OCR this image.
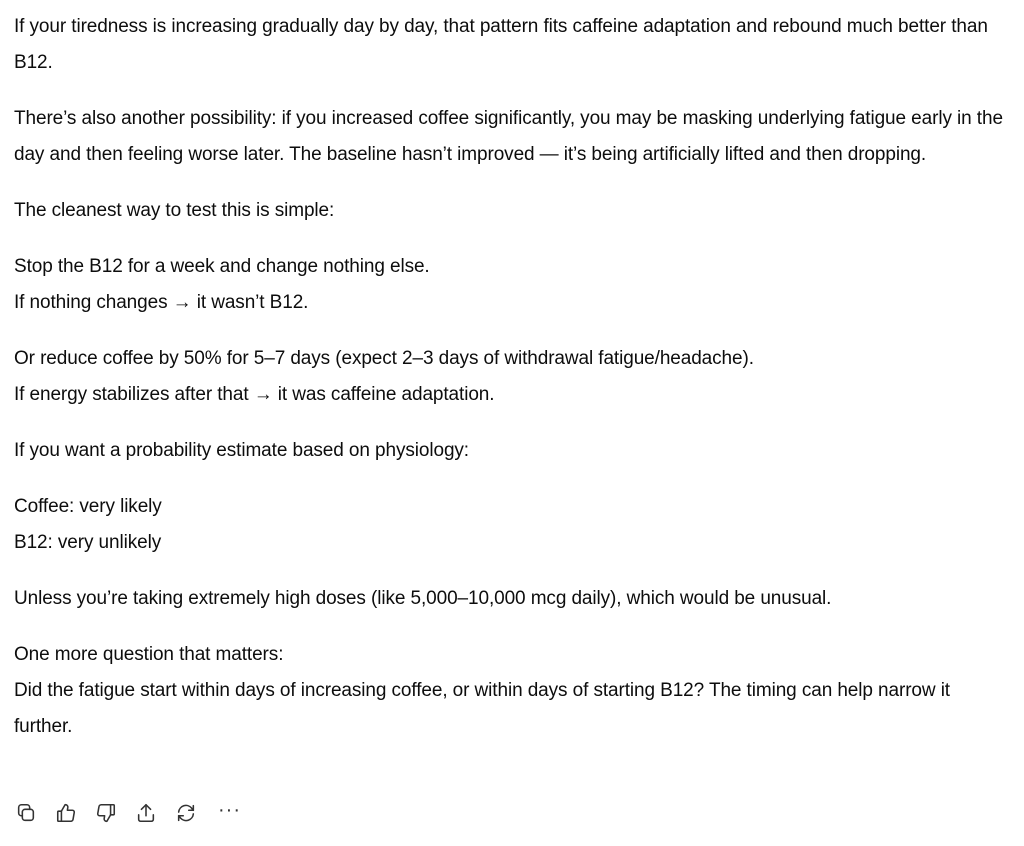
If your tiredness is increasing gradually day by day, that pattern fits caffeine adaptation and rebound much better than B12.

There’s also another possibility: if you increased coffee significantly, you may be masking underlying fatigue early in the day and then feeling worse later. The baseline hasn’t improved — it’s being artificially lifted and then dropping.

The cleanest way to test this is simple:

Stop the B12 for a week and change nothing else.
If nothing changes → it wasn’t B12.

Or reduce coffee by 50% for 5–7 days (expect 2–3 days of withdrawal fatigue/headache).
If energy stabilizes after that → it was caffeine adaptation.

If you want a probability estimate based on physiology:

Coffee: very likely
B12: very unlikely

Unless you’re taking extremely high doses (like 5,000–10,000 mcg daily), which would be unusual.

One more question that matters:
Did the fatigue start within days of increasing coffee, or within days of starting B12? The timing can help narrow it further.

···
